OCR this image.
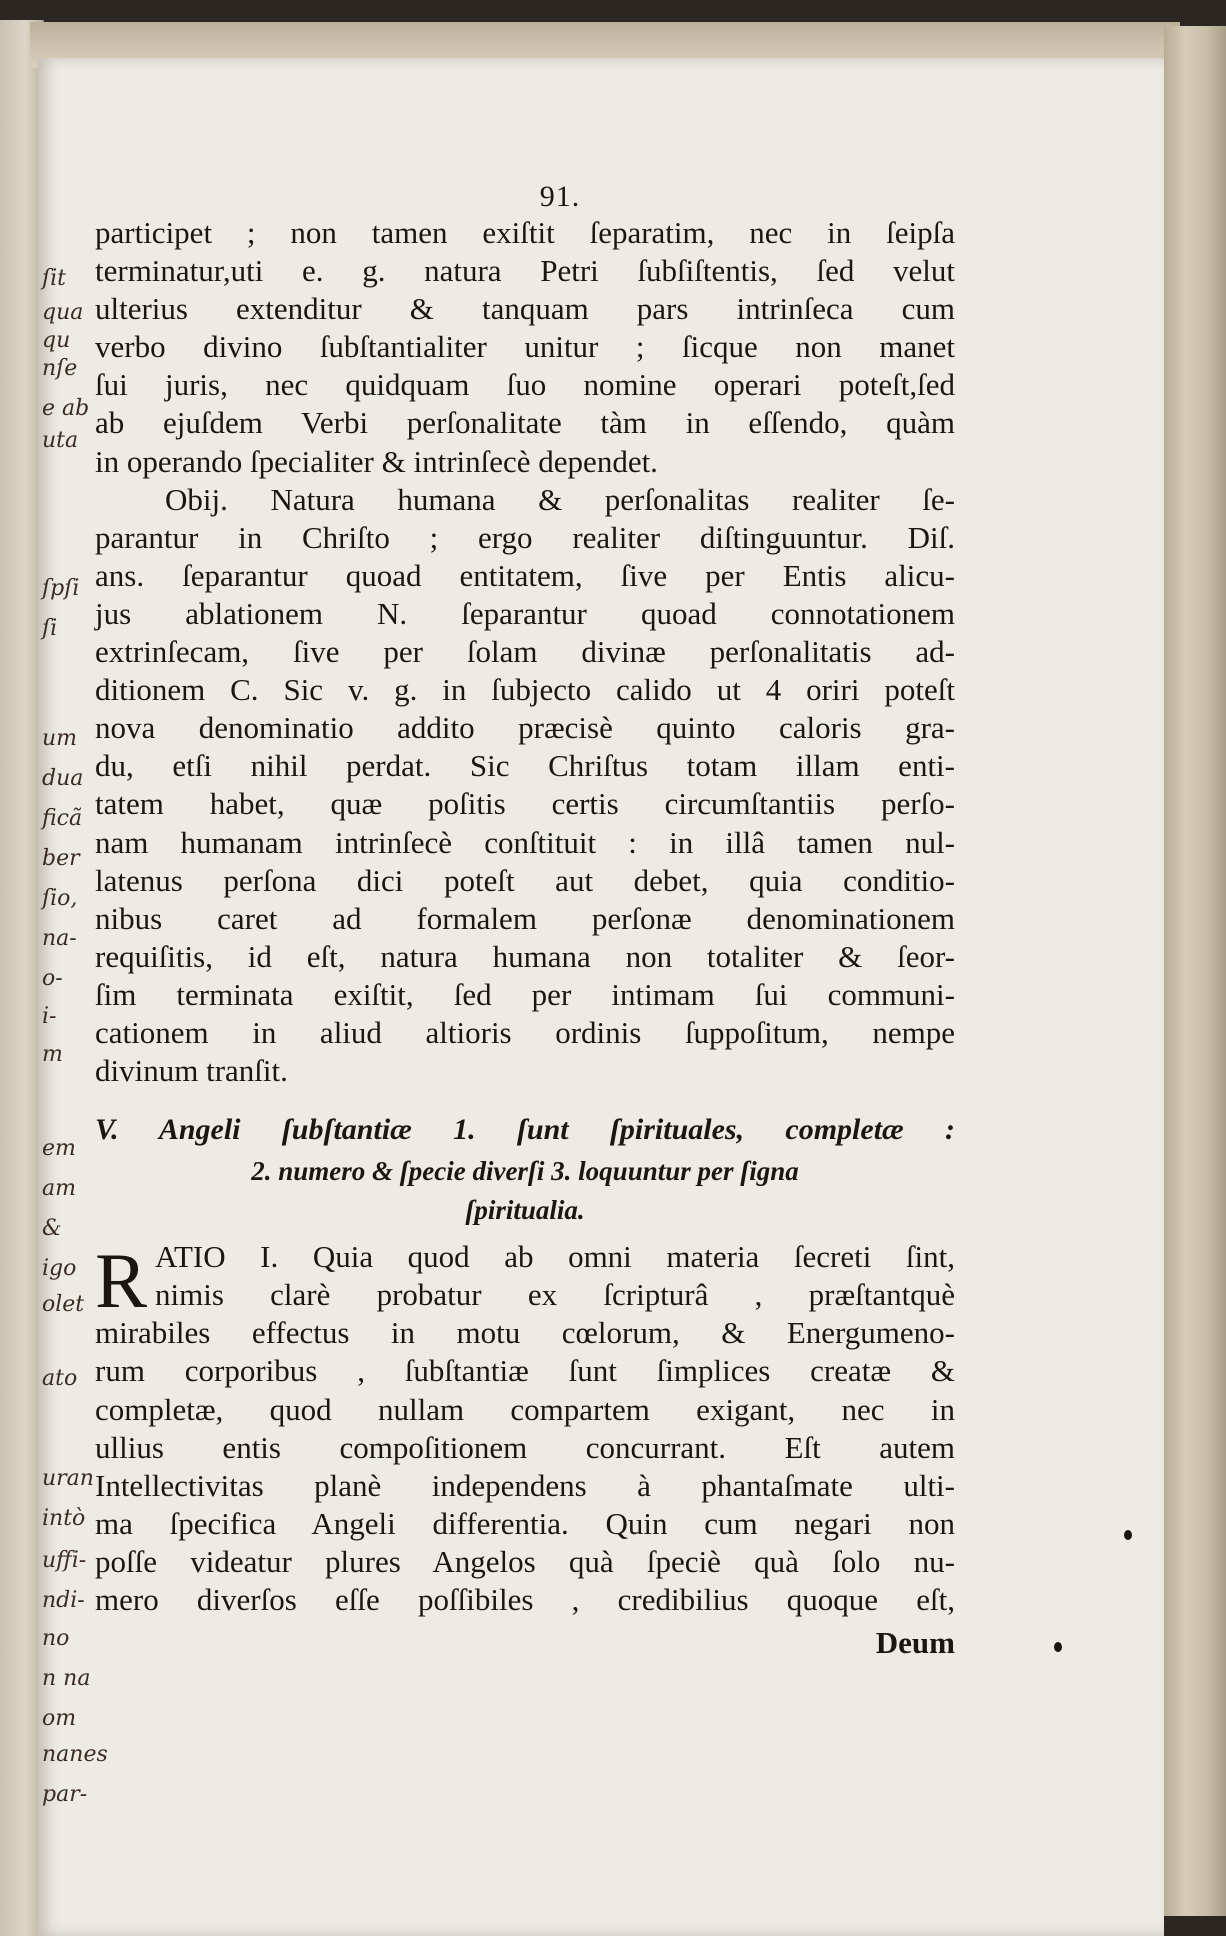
ſit
qua
qu
nſe
e ab
uta
ſpſi
ſi
um
dua
ficã
ber
ſio,
na-
o-
i-
m
em
am
&
igo
olet
ato
uran
intò
uffi-
ndi-
no
n na
om
nanes
par-
91.
participet ; non tamen exiſtit ſeparatim, nec in ſeipſa
terminatur,uti e. g. natura Petri ſubſiſtentis, ſed velut
ulterius extenditur & tanquam pars intrinſeca cum
verbo divino ſubſtantialiter unitur ; ſicque non manet
ſui juris, nec quidquam ſuo nomine operari poteſt,ſed
ab ejuſdem Verbi perſonalitate tàm in eſſendo, quàm
in operando ſpecialiter & intrinſecè dependet.
Obij. Natura humana & perſonalitas realiter ſe-
parantur in Chriſto ; ergo realiter diſtinguuntur. Diſ.
ans. ſeparantur quoad entitatem, ſive per Entis alicu-
jus ablationem N. ſeparantur quoad connotationem
extrinſecam, ſive per ſolam divinæ perſonalitatis ad-
ditionem C. Sic v. g. in ſubjecto calido ut 4 oriri poteſt
nova denominatio addito præcisè quinto caloris gra-
du, etſi nihil perdat. Sic Chriſtus totam illam enti-
tatem habet, quæ poſitis certis circumſtantiis perſo-
nam humanam intrinſecè conſtituit : in illâ tamen nul-
latenus perſona dici poteſt aut debet, quia conditio-
nibus caret ad formalem perſonæ denominationem
requiſitis, id eſt, natura humana non totaliter & ſeor-
ſim terminata exiſtit, ſed per intimam ſui communi-
cationem in aliud altioris ordinis ſuppoſitum, nempe
divinum tranſit.
V. Angeli ſubſtantiæ 1. ſunt ſpirituales, completæ :
2. numero & ſpecie diverſi 3. loquuntur per ſigna
ſpiritualia.
R ATIO I. Quia quod ab omni materia ſecreti ſint,
nimis clarè probatur ex ſcripturâ , præſtantquè
mirabiles effectus in motu cœlorum, & Energumeno-
rum corporibus , ſubſtantiæ ſunt ſimplices creatæ &
completæ, quod nullam compartem exigant, nec in
ullius entis compoſitionem concurrant. Eſt autem
Intellectivitas planè independens à phantaſmate ulti-
ma ſpecifica Angeli differentia. Quin cum negari non
poſſe videatur plures Angelos quà ſpeciè quà ſolo nu-
mero diverſos eſſe poſſibiles , credibilius quoque eſt,
Deum
